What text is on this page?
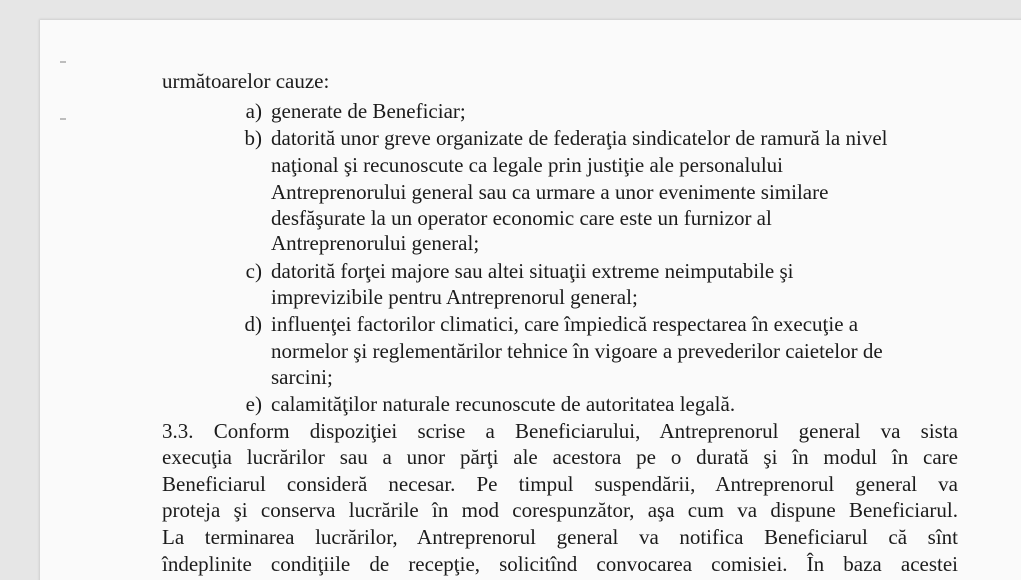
următoarelor cauze:
a) generate de Beneficiar;
b) datorită unor greve organizate de federaţia sindicatelor de ramură la nivel
naţional şi recunoscute ca legale prin justiţie ale personalului
Antreprenorului general sau ca urmare a unor evenimente similare
desfăşurate la un operator economic care este un furnizor al
Antreprenorului general;
c) datorită forţei majore sau altei situaţii extreme neimputabile şi
imprevizibile pentru Antreprenorul general;
d) influenţei factorilor climatici, care împiedică respectarea în execuţie a
normelor şi reglementărilor tehnice în vigoare a prevederilor caietelor de
sarcini;
e) calamităţilor naturale recunoscute de autoritatea legală.
3.3. Conform dispoziţiei scrise a Beneficiarului, Antreprenorul general va sista
execuţia lucrărilor sau a unor părţi ale acestora pe o durată şi în modul în care
Beneficiarul consideră necesar. Pe timpul suspendării, Antreprenorul general va
proteja şi conserva lucrările în mod corespunzător, aşa cum va dispune Beneficiarul.
La terminarea lucrărilor, Antreprenorul general va notifica Beneficiarul că sînt
îndeplinite condiţiile de recepţie, solicitînd convocarea comisiei. În baza acestei
